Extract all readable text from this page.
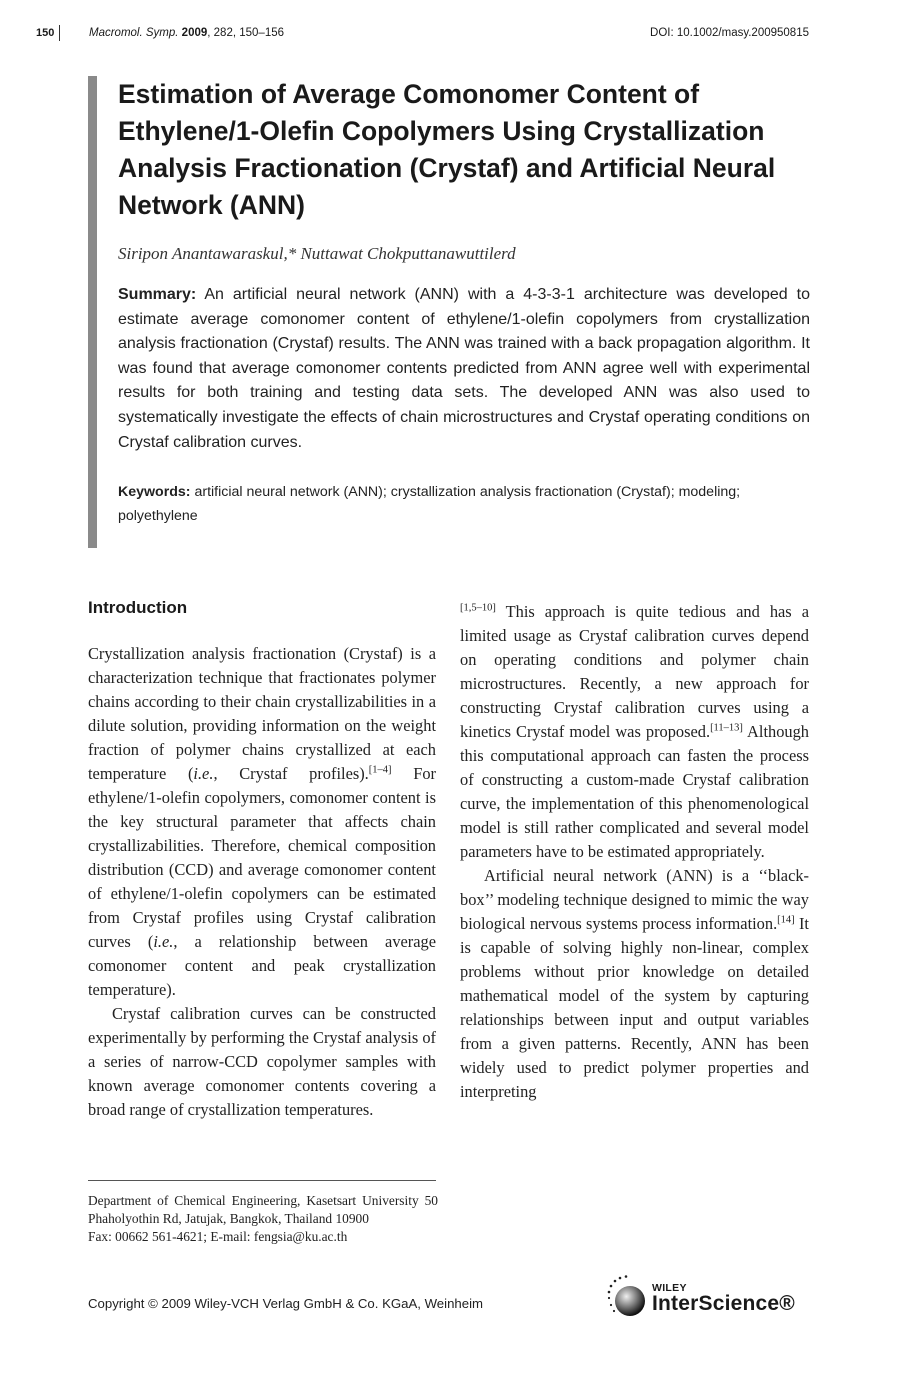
150	Macromol. Symp. 2009, 282, 150–156	DOI: 10.1002/masy.200950815
Estimation of Average Comonomer Content of Ethylene/1-Olefin Copolymers Using Crystallization Analysis Fractionation (Crystaf) and Artificial Neural Network (ANN)
Siripon Anantawaraskul,* Nuttawat Chokputtanawuttilerd
Summary: An artificial neural network (ANN) with a 4-3-3-1 architecture was developed to estimate average comonomer content of ethylene/1-olefin copolymers from crystallization analysis fractionation (Crystaf) results. The ANN was trained with a back propagation algorithm. It was found that average comonomer contents predicted from ANN agree well with experimental results for both training and testing data sets. The developed ANN was also used to systematically investigate the effects of chain microstructures and Crystaf operating conditions on Crystaf calibration curves.
Keywords: artificial neural network (ANN); crystallization analysis fractionation (Crystaf); modeling; polyethylene
Introduction

Crystallization analysis fractionation (Crystaf) is a characterization technique that fractionates polymer chains according to their chain crystallizabilities in a dilute solution, providing information on the weight fraction of polymer chains crystallized at each temperature (i.e., Crystaf profiles).[1–4] For ethylene/1-olefin copolymers, comonomer content is the key structural parameter that affects chain crystallizabilities. Therefore, chemical composition distribution (CCD) and average comonomer content of ethylene/1-olefin copolymers can be estimated from Crystaf profiles using Crystaf calibration curves (i.e., a relationship between average comonomer content and peak crystallization temperature).

Crystaf calibration curves can be constructed experimentally by performing the Crystaf analysis of a series of narrow-CCD copolymer samples with known average comonomer contents covering a broad range of crystallization temperatures.

[1,5–10] This approach is quite tedious and has a limited usage as Crystaf calibration curves depend on operating conditions and polymer chain microstructures. Recently, a new approach for constructing Crystaf calibration curves using a kinetics Crystaf model was proposed.[11–13] Although this computational approach can fasten the process of constructing a custom-made Crystaf calibration curve, the implementation of this phenomenological model is still rather complicated and several model parameters have to be estimated appropriately.

Artificial neural network (ANN) is a ‘‘black-box’’ modeling technique designed to mimic the way biological nervous systems process information.[14] It is capable of solving highly non-linear, complex problems without prior knowledge on detailed mathematical model of the system by capturing relationships between input and output variables from a given patterns. Recently, ANN has been widely used to predict polymer properties and interpreting

Department of Chemical Engineering, Kasetsart University 50 Phaholyothin Rd, Jatujak, Bangkok, Thailand 10900

Fax: 00662 561-4621; E-mail: fengsia@ku.ac.th

Copyright © 2009 Wiley-VCH Verlag GmbH & Co. KGaA, Weinheim
WILEY
InterScience®
